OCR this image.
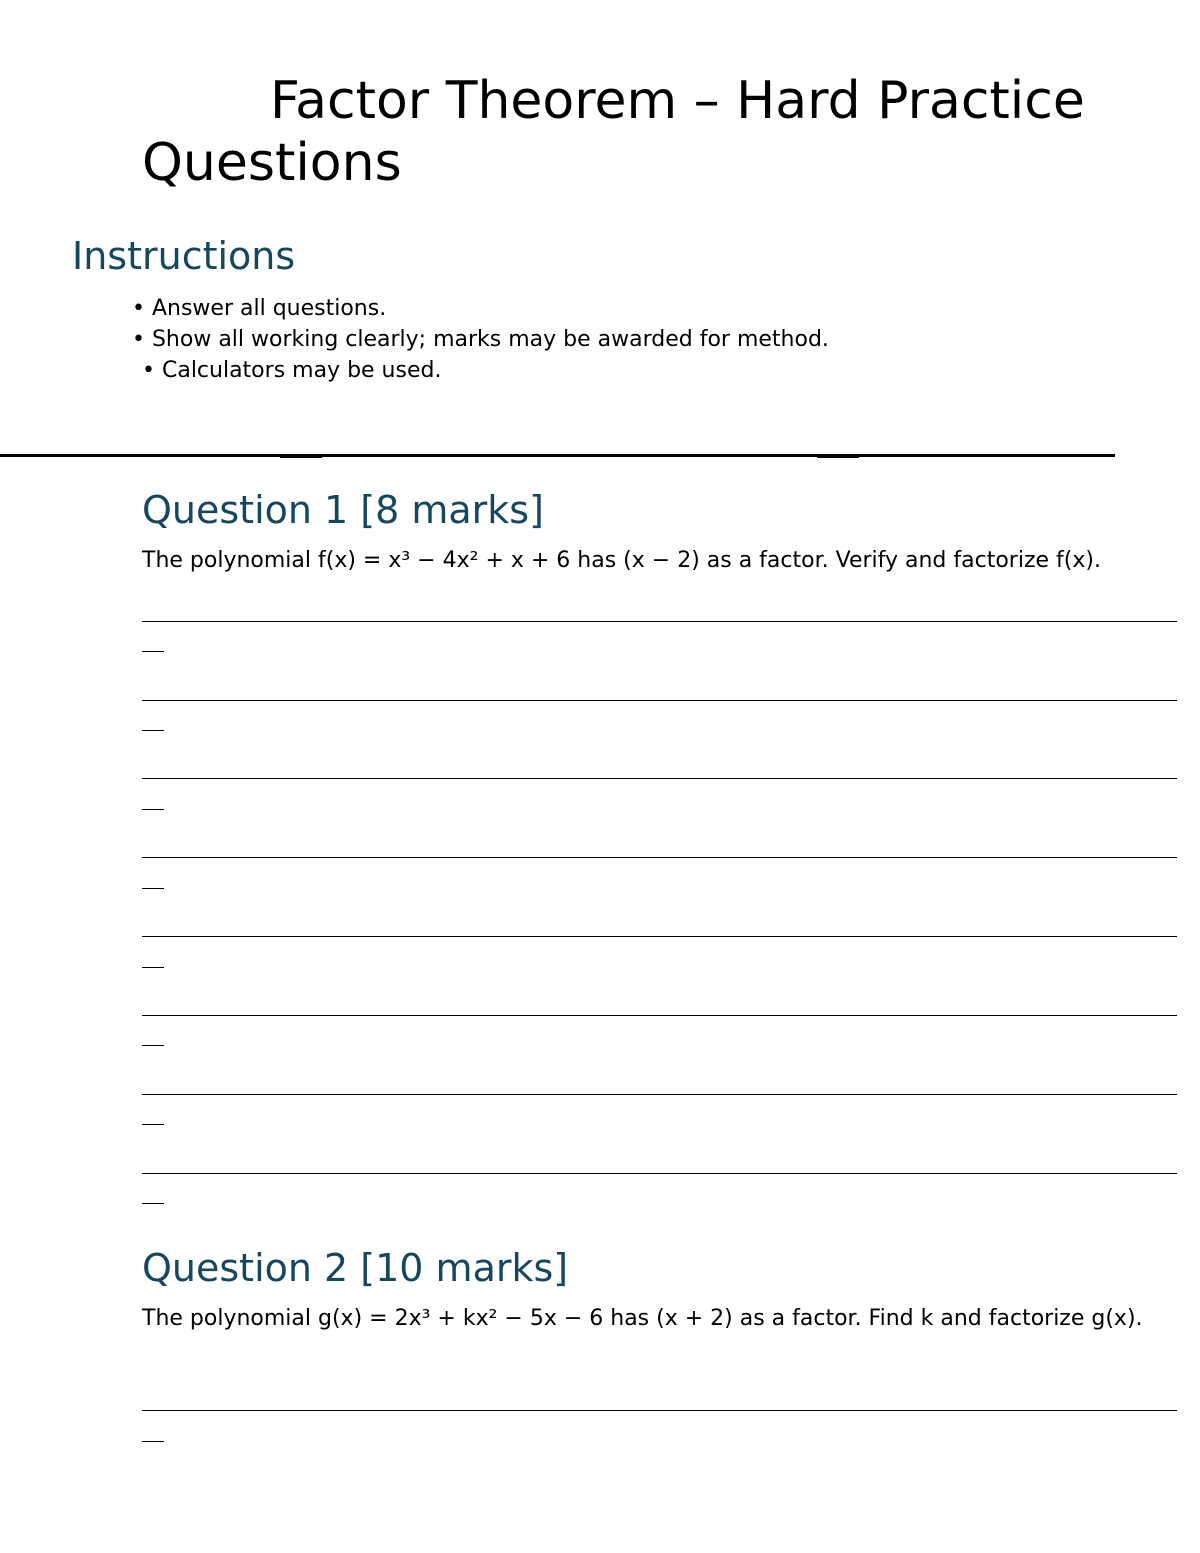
Factor Theorem – Hard Practice Questions
Instructions
• Answer all questions.
• Show all working clearly; marks may be awarded for method.
• Calculators may be used.
Question 1 [8 marks]

The polynomial f(x) = x³ − 4x² + x + 6 has (x − 2) as a factor. Verify and factorize f(x).

Question 2 [10 marks]

The polynomial g(x) = 2x³ + kx² − 5x − 6 has (x + 2) as a factor. Find k and factorize g(x).
